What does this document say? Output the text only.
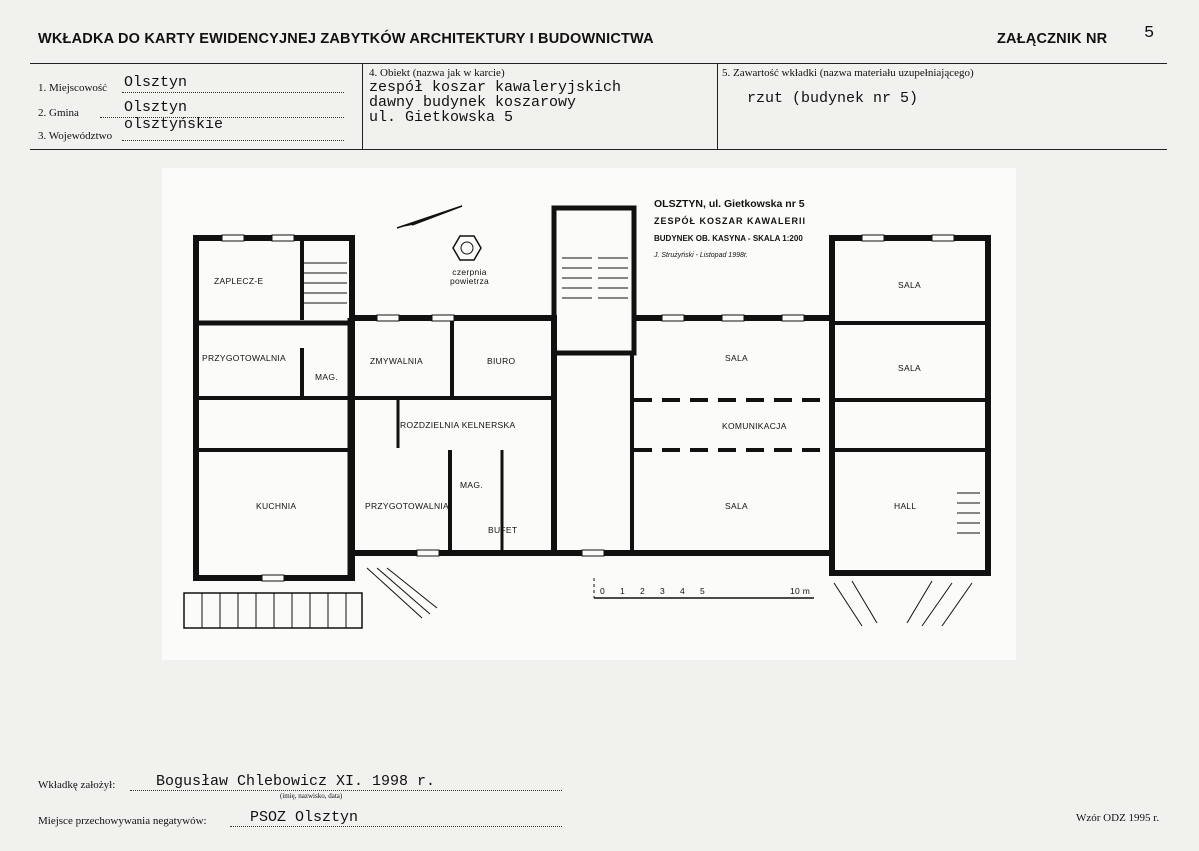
WKŁADKA DO KARTY EWIDENCYJNEJ ZABYTKÓW ARCHITEKTURY I BUDOWNICTWA	ZAŁĄCZNIK NR 5
1. Miejscowość Olsztyn
2. Gmina	Olsztyn
3. Województwo
olsztyńskie
4. Obiekt (nazwa jak w karcie)
zespół koszar kawaleryjskich
dawny budynek koszarowy
ul. Gietkowska 5
5. Zawartość wkładki (nazwa materiału uzupełniającego)
rzut (budynek nr 5)
OLSZTYN, ul. Gietkowska nr 5
ZESPÓŁ KOSZAR KAWALERII
BUDYNEK OB. KASYNA - SKALA 1:200
J. Strużyński - Listopad 1998r.
czerpnia
powietrza
ZAPLECZ-E
PRZYGOTOWALNIA
MAG.
ZMYWALNIA	BIURO
ROZDZIELNIA KELNERSKA
KUCHNIA	PRZYGOTOWALNIA
MAG.
BUFET
SALA
KOMUNIKACJA
SALA
SALA
SALA
HALL
0 1 2 3 4 5	10 m
Wkładkę założył:	Bogusław Chlebowicz XI. 1998 r.
(imię, nazwisko, data)
Miejsce przechowywania negatywów:	PSOZ Olsztyn	Wzór ODZ 1995 r.
